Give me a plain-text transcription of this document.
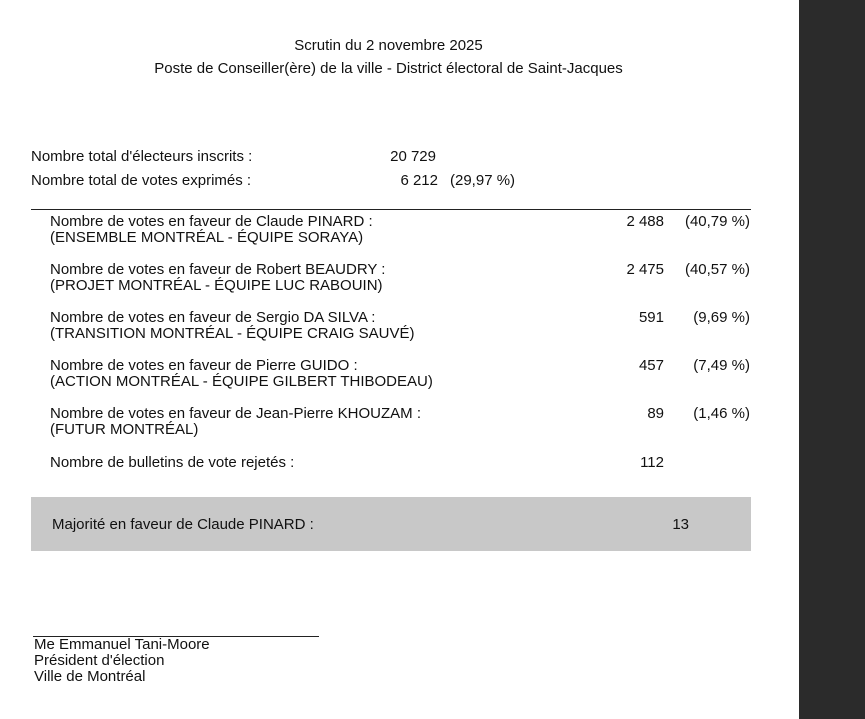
Scrutin du 2 novembre 2025
Poste de Conseiller(ère) de la ville - District électoral de Saint-Jacques
Nombre total d'électeurs inscrits :	20 729
Nombre total de votes exprimés :	6 212 (29,97 %)
Nombre de votes en faveur de Claude PINARD :
(ENSEMBLE MONTRÉAL - ÉQUIPE SORAYA)
2 488 (40,79 %)
Nombre de votes en faveur de Robert BEAUDRY :
(PROJET MONTRÉAL - ÉQUIPE LUC RABOUIN)
2 475 (40,57 %)
Nombre de votes en faveur de Sergio DA SILVA :
(TRANSITION MONTRÉAL - ÉQUIPE CRAIG SAUVÉ)
591 (9,69 %)
Nombre de votes en faveur de Pierre GUIDO :
(ACTION MONTRÉAL - ÉQUIPE GILBERT THIBODEAU)
457 (7,49 %)
Nombre de votes en faveur de Jean-Pierre KHOUZAM :
(FUTUR MONTRÉAL)
89 (1,46 %)
Nombre de bulletins de vote rejetés :	112
Majorité en faveur de Claude PINARD :	13
Me Emmanuel Tani-Moore
Président d'élection
Ville de Montréal
